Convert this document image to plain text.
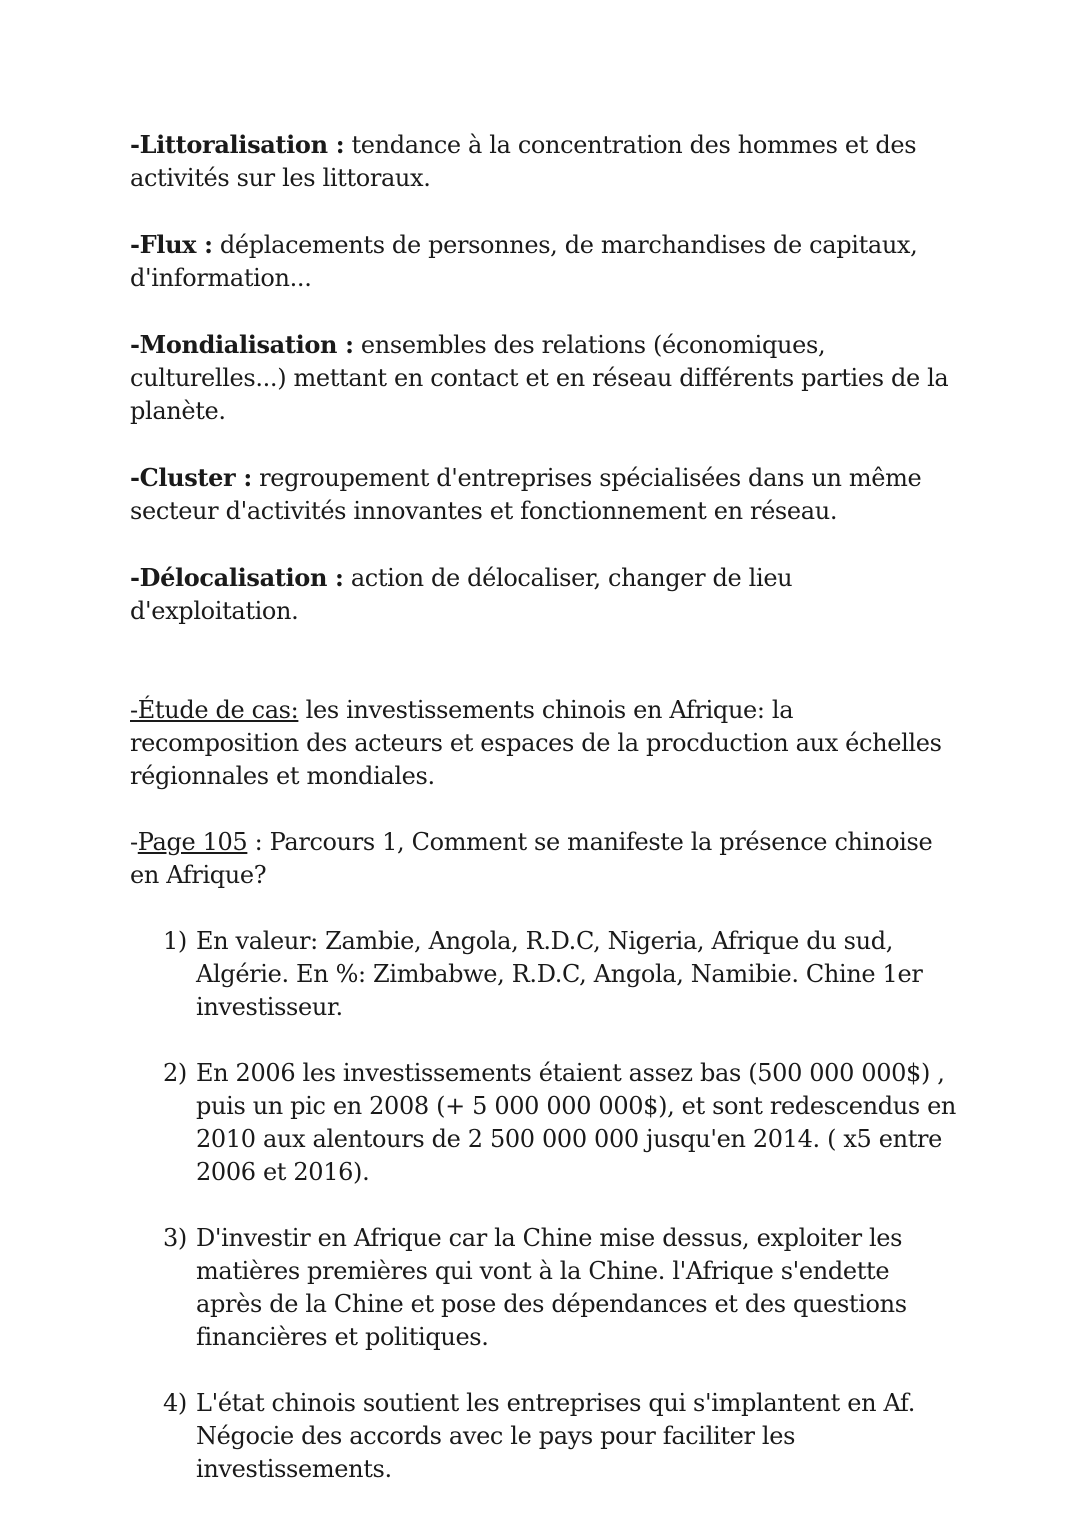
-Littoralisation : tendance à la concentration des hommes et des activités sur les littoraux.

-Flux : déplacements de personnes, de marchandises de capitaux, d'information...

-Mondialisation : ensembles des relations (économiques, culturelles...) mettant en contact et en réseau différents parties de la planète.

-Cluster : regroupement d'entreprises spécialisées dans un même secteur d'activités innovantes et fonctionnement en réseau.

-Délocalisation : action de délocaliser, changer de lieu d'exploitation.

-Étude de cas: les investissements chinois en Afrique: la recomposition des acteurs et espaces de la procduction aux échelles régionnales et mondiales.

-Page 105 : Parcours 1, Comment se manifeste la présence chinoise en Afrique?

1) En valeur: Zambie, Angola, R.D.C, Nigeria, Afrique du sud, Algérie. En %: Zimbabwe, R.D.C, Angola, Namibie. Chine 1er investisseur.
2) En 2006 les investissements étaient assez bas (500 000 000$) , puis un pic en 2008 (+ 5 000 000 000$), et sont redescendus en 2010 aux alentours de 2 500 000 000 jusqu'en 2014. ( x5 entre 2006 et 2016).
3) D'investir en Afrique car la Chine mise dessus, exploiter les matières premières qui vont à la Chine. l'Afrique s'endette après de la Chine et pose des dépendances et des questions financières et politiques.
4) L'état chinois soutient les entreprises qui s'implantent en Af. Négocie des accords avec le pays pour faciliter les investissements.
